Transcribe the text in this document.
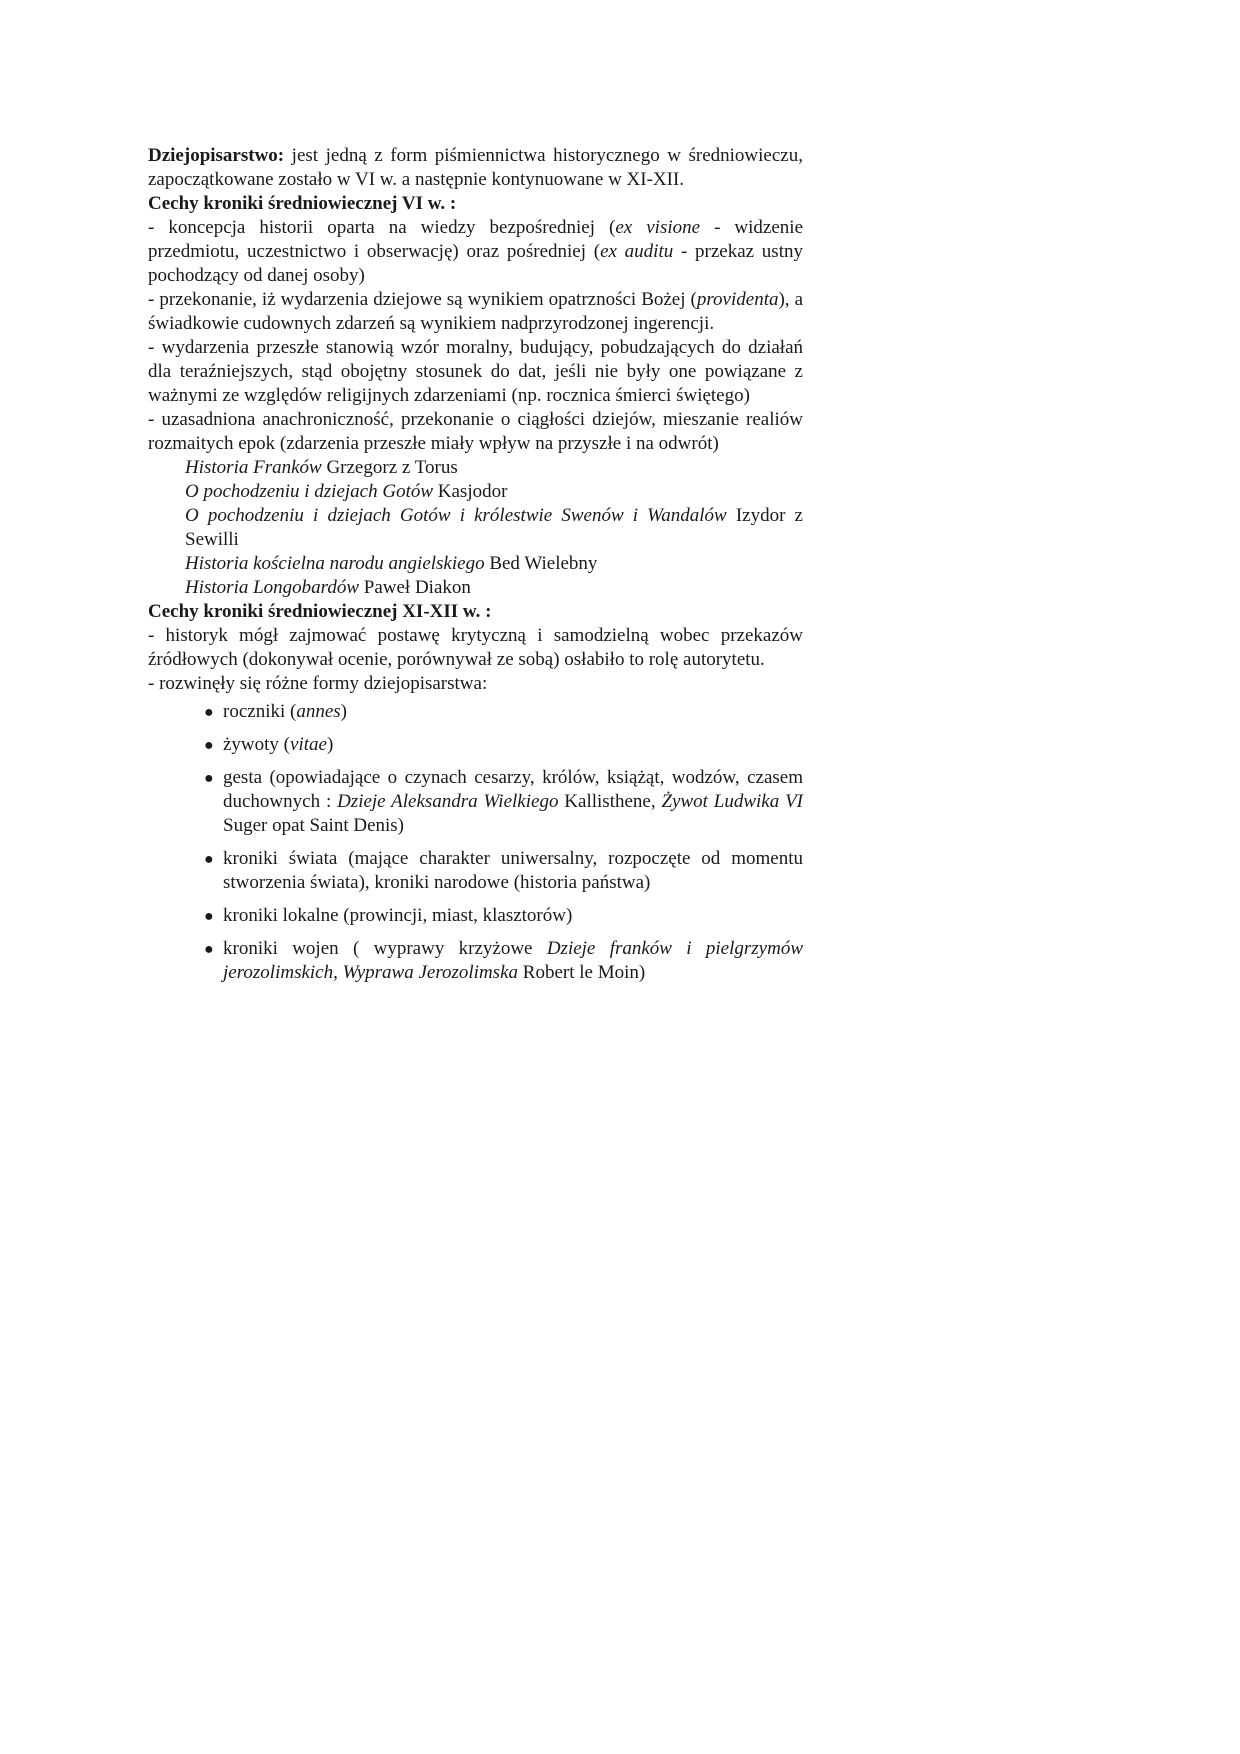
Dziejopisarstwo: jest jedną z form piśmiennictwa historycznego w średniowieczu, zapoczątkowane zostało w VI w. a następnie kontynuowane w XI-XII.

Cechy kroniki średniowiecznej VI w. :

- koncepcja historii oparta na wiedzy bezpośredniej (ex visione - widzenie przedmiotu, uczestnictwo i obserwację) oraz pośredniej (ex auditu - przekaz ustny pochodzący od danej osoby)

- przekonanie, iż wydarzenia dziejowe są wynikiem opatrzności Bożej (providenta), a świadkowie cudownych zdarzeń są wynikiem nadprzyrodzonej ingerencji.

- wydarzenia przeszłe stanowią wzór moralny, budujący, pobudzających do działań dla teraźniejszych, stąd obojętny stosunek do dat, jeśli nie były one powiązane z ważnymi ze względów religijnych zdarzeniami (np. rocznica śmierci świętego)

- uzasadniona anachroniczność, przekonanie o ciągłości dziejów, mieszanie realiów rozmaitych epok (zdarzenia przeszłe miały wpływ na przyszłe i na odwrót)

Historia Franków Grzegorz z Torus

O pochodzeniu i dziejach Gotów Kasjodor

O pochodzeniu i dziejach Gotów i królestwie Swenów i Wandalów Izydor z Sewilli

Historia kościelna narodu angielskiego Bed Wielebny

Historia Longobardów Paweł Diakon

Cechy kroniki średniowiecznej XI-XII w. :

- historyk mógł zajmować postawę krytyczną i samodzielną wobec przekazów źródłowych (dokonywał ocenie, porównywał ze sobą) osłabiło to rolę autorytetu.

- rozwinęły się różne formy dziejopisarstwa:

● roczniki (annes)
● żywoty (vitae)
● gesta (opowiadające o czynach cesarzy, królów, książąt, wodzów, czasem duchownych : Dzieje Aleksandra Wielkiego Kallisthene, Żywot Ludwika VI Suger opat Saint Denis)
● kroniki świata (mające charakter uniwersalny, rozpoczęte od momentu stworzenia świata), kroniki narodowe (historia państwa)
● kroniki lokalne (prowincji, miast, klasztorów)
● kroniki wojen ( wyprawy krzyżowe Dzieje franków i pielgrzymów jerozolimskich, Wyprawa Jerozolimska Robert le Moin)
